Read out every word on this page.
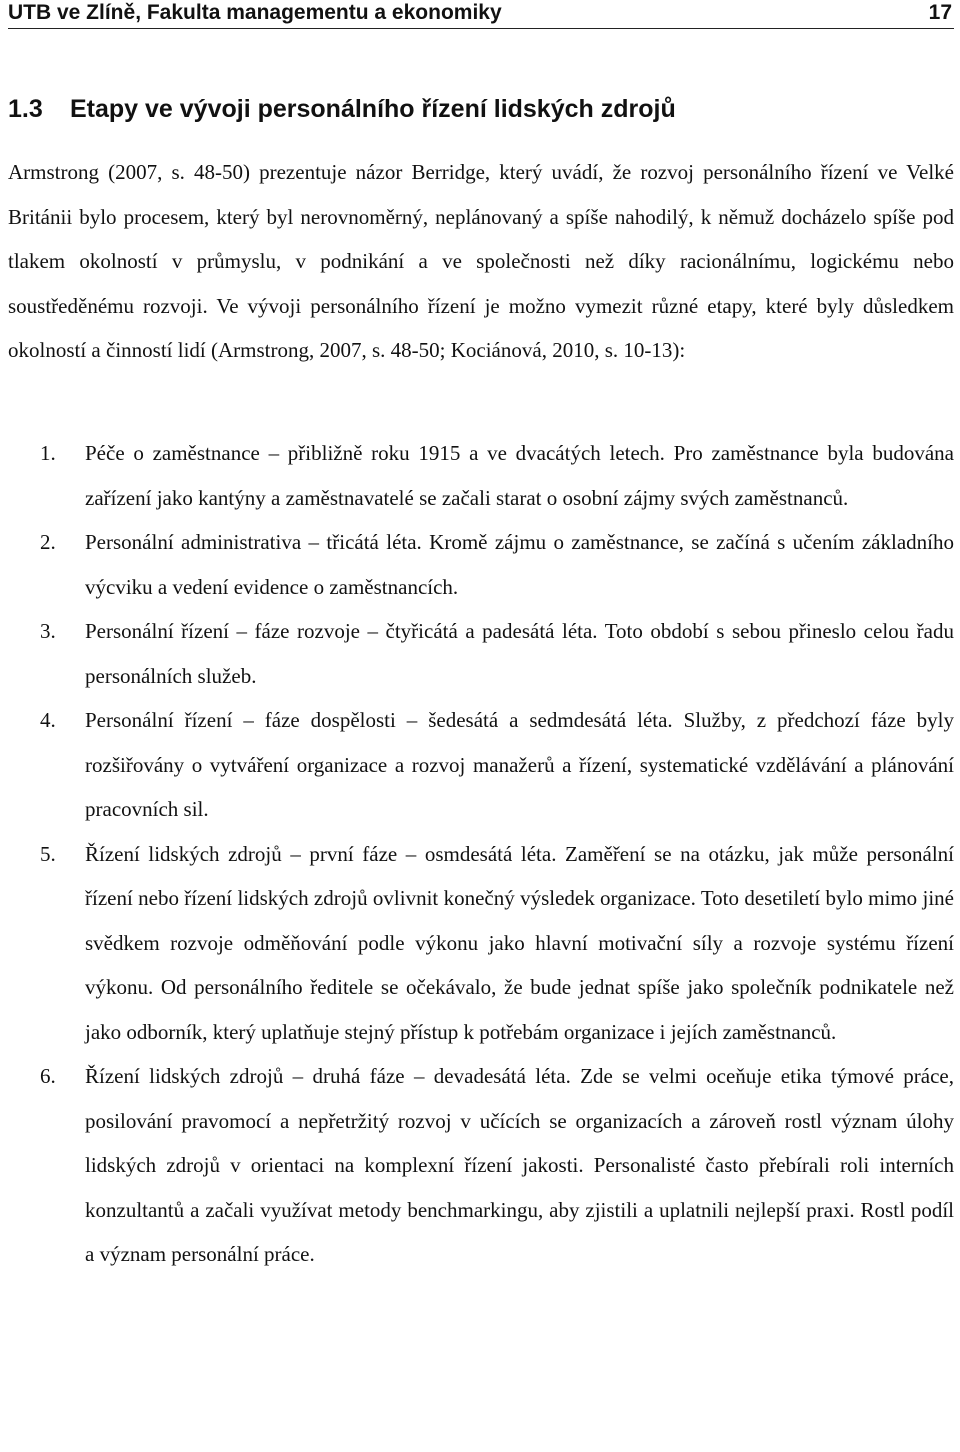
UTB ve Zlíně, Fakulta managementu a ekonomiky	17
1.3 Etapy ve vývoji personálního řízení lidských zdrojů

Armstrong (2007, s. 48-50) prezentuje názor Berridge, který uvádí, že rozvoj personálního řízení ve Velké Británii bylo procesem, který byl nerovnoměrný, neplánovaný a spíše nahodilý, k němuž docházelo spíše pod tlakem okolností v průmyslu, v podnikání a ve společnosti než díky racionálnímu, logickému nebo soustředěnému rozvoji. Ve vývoji personálního řízení je možno vymezit různé etapy, které byly důsledkem okolností a činností lidí (Armstrong, 2007, s. 48-50; Kociánová, 2010, s. 10-13):

1. Péče o zaměstnance – přibližně roku 1915 a ve dvacátých letech. Pro zaměstnance byla budována zařízení jako kantýny a zaměstnavatelé se začali starat o osobní zájmy svých zaměstnanců.
2. Personální administrativa – třicátá léta. Kromě zájmu o zaměstnance, se začíná s učením základního výcviku a vedení evidence o zaměstnancích.
3. Personální řízení – fáze rozvoje – čtyřicátá a padesátá léta. Toto období s sebou přineslo celou řadu personálních služeb.
4. Personální řízení – fáze dospělosti – šedesátá a sedmdesátá léta. Služby, z předchozí fáze byly rozšiřovány o vytváření organizace a rozvoj manažerů a řízení, systematické vzdělávání a plánování pracovních sil.
5. Řízení lidských zdrojů – první fáze – osmdesátá léta. Zaměření se na otázku, jak může personální řízení nebo řízení lidských zdrojů ovlivnit konečný výsledek organizace. Toto desetiletí bylo mimo jiné svědkem rozvoje odměňování podle výkonu jako hlavní motivační síly a rozvoje systému řízení výkonu. Od personálního ředitele se očekávalo, že bude jednat spíše jako společník podnikatele než jako odborník, který uplatňuje stejný přístup k potřebám organizace i jejích zaměstnanců.
6. Řízení lidských zdrojů – druhá fáze – devadesátá léta. Zde se velmi oceňuje etika týmové práce, posilování pravomocí a nepřetržitý rozvoj v učících se organizacích a zároveň rostl význam úlohy lidských zdrojů v orientaci na komplexní řízení jakosti. Personalisté často přebírali roli interních konzultantů a začali využívat metody benchmarkingu, aby zjistili a uplatnili nejlepší praxi. Rostl podíl a význam personální práce.
